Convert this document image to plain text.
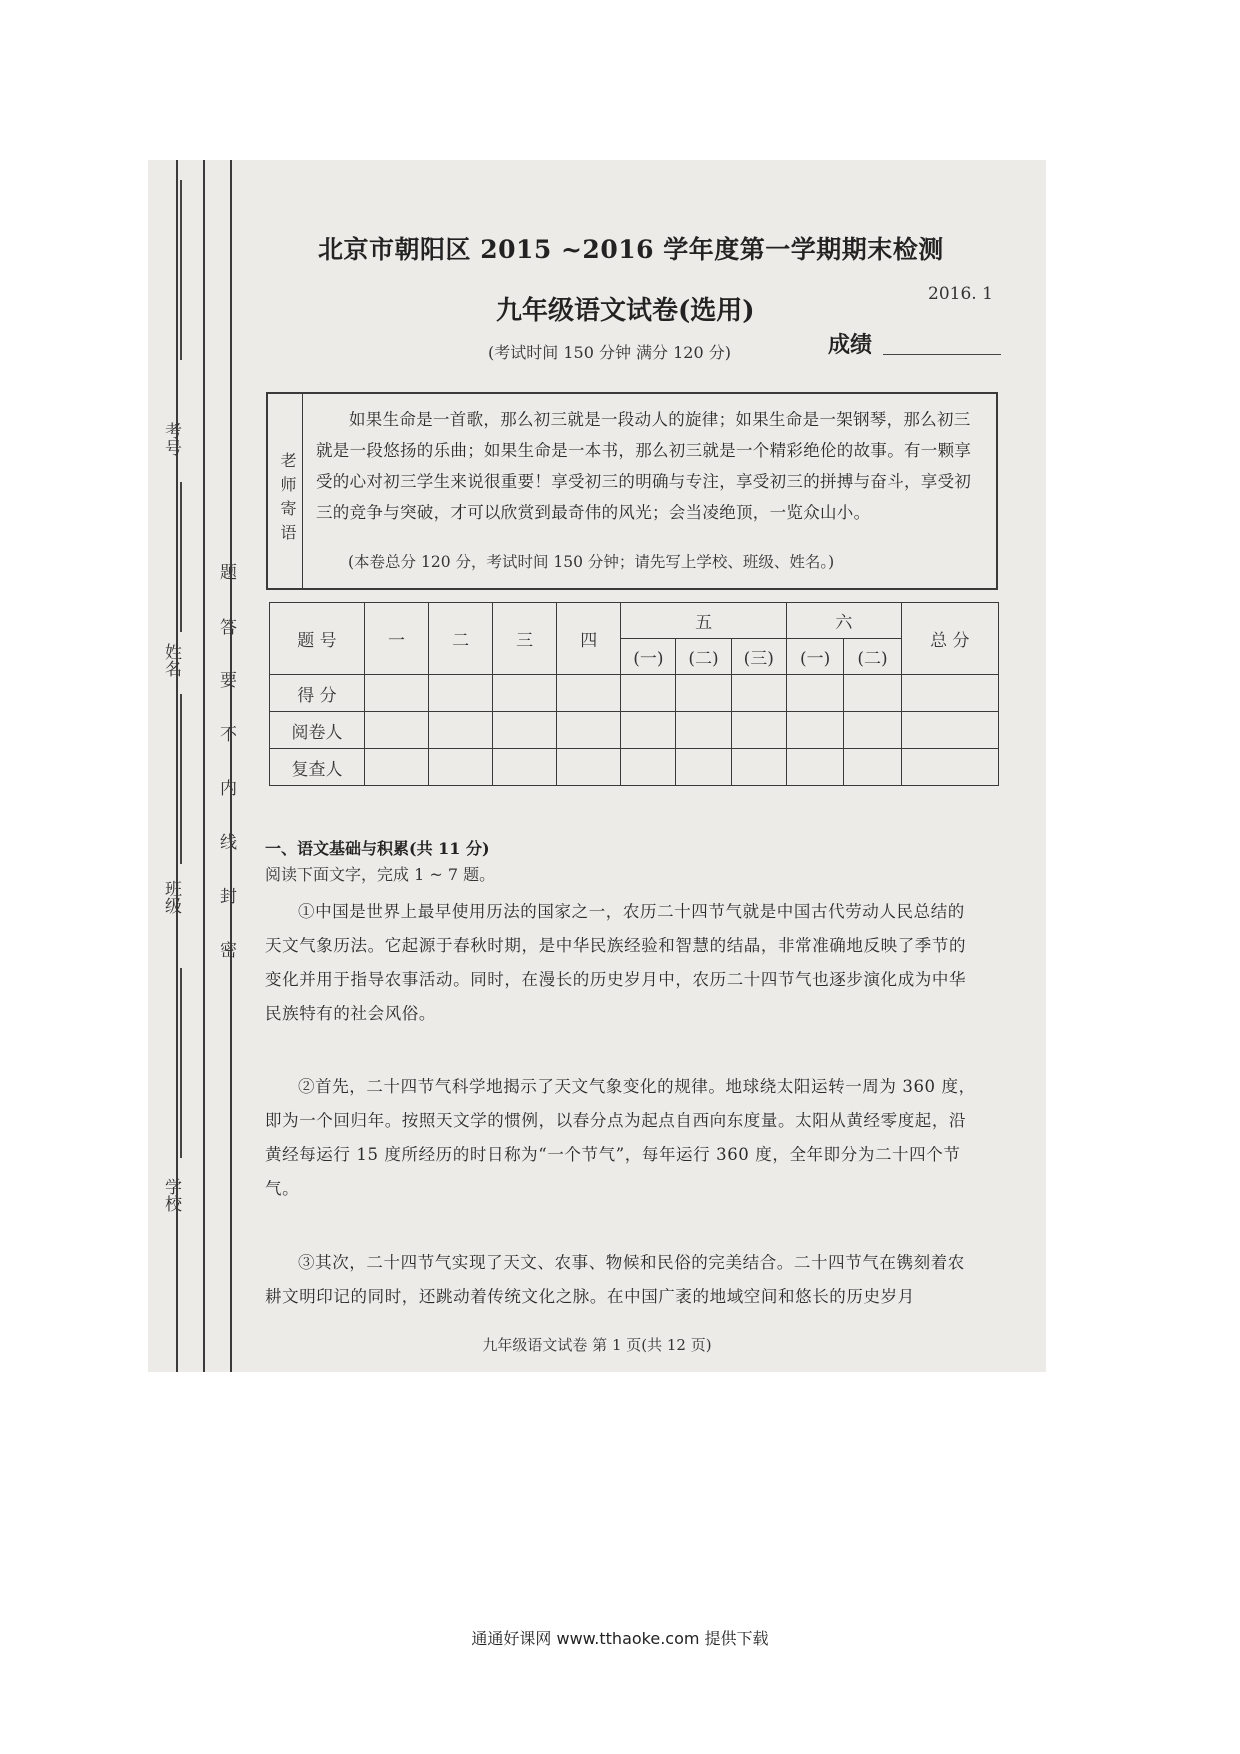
考号
姓名
班级
学校
题
答
要
不
内
线
封
密
北京市朝阳区 2015 ~2016 学年度第一学期期末检测
2016. 1
九年级语文试卷(选用)
(考试时间 150 分钟 满分 120 分)	成绩
老师寄语
如果生命是一首歌，那么初三就是一段动人的旋律；如果生命是一架钢琴，那么初三就是一段悠扬的乐曲；如果生命是一本书，那么初三就是一个精彩绝伦的故事。有一颗享受的心对初三学生来说很重要！享受初三的明确与专注，享受初三的拼搏与奋斗，享受初三的竞争与突破，才可以欣赏到最奇伟的风光；会当凌绝顶，一览众山小。
(本卷总分 120 分，考试时间 150 分钟；请先写上学校、班级、姓名。)
题 号	一	二	三	四	五			六		总 分
					(一)	(二)	(三)	(一)	(二)	
得 分										
阅卷人										
复查人										
一、语文基础与积累(共 11 分)
阅读下面文字，完成 1 ~ 7 题。
①中国是世界上最早使用历法的国家之一，农历二十四节气就是中国古代劳动人民总结的天文气象历法。它起源于春秋时期，是中华民族经验和智慧的结晶，非常准确地反映了季节的变化并用于指导农事活动。同时，在漫长的历史岁月中，农历二十四节气也逐步演化成为中华民族特有的社会风俗。
②首先，二十四节气科学地揭示了天文气象变化的规律。地球绕太阳运转一周为 360 度，即为一个回归年。按照天文学的惯例，以春分点为起点自西向东度量。太阳从黄经零度起，沿黄经每运行 15 度所经历的时日称为“一个节气”，每年运行 360 度，全年即分为二十四个节气。
③其次，二十四节气实现了天文、农事、物候和民俗的完美结合。二十四节气在镌刻着农耕文明印记的同时，还跳动着传统文化之脉。在中国广袤的地域空间和悠长的历史岁月
九年级语文试卷 第 1 页(共 12 页)
通通好课网 www.tthaoke.com 提供下载
